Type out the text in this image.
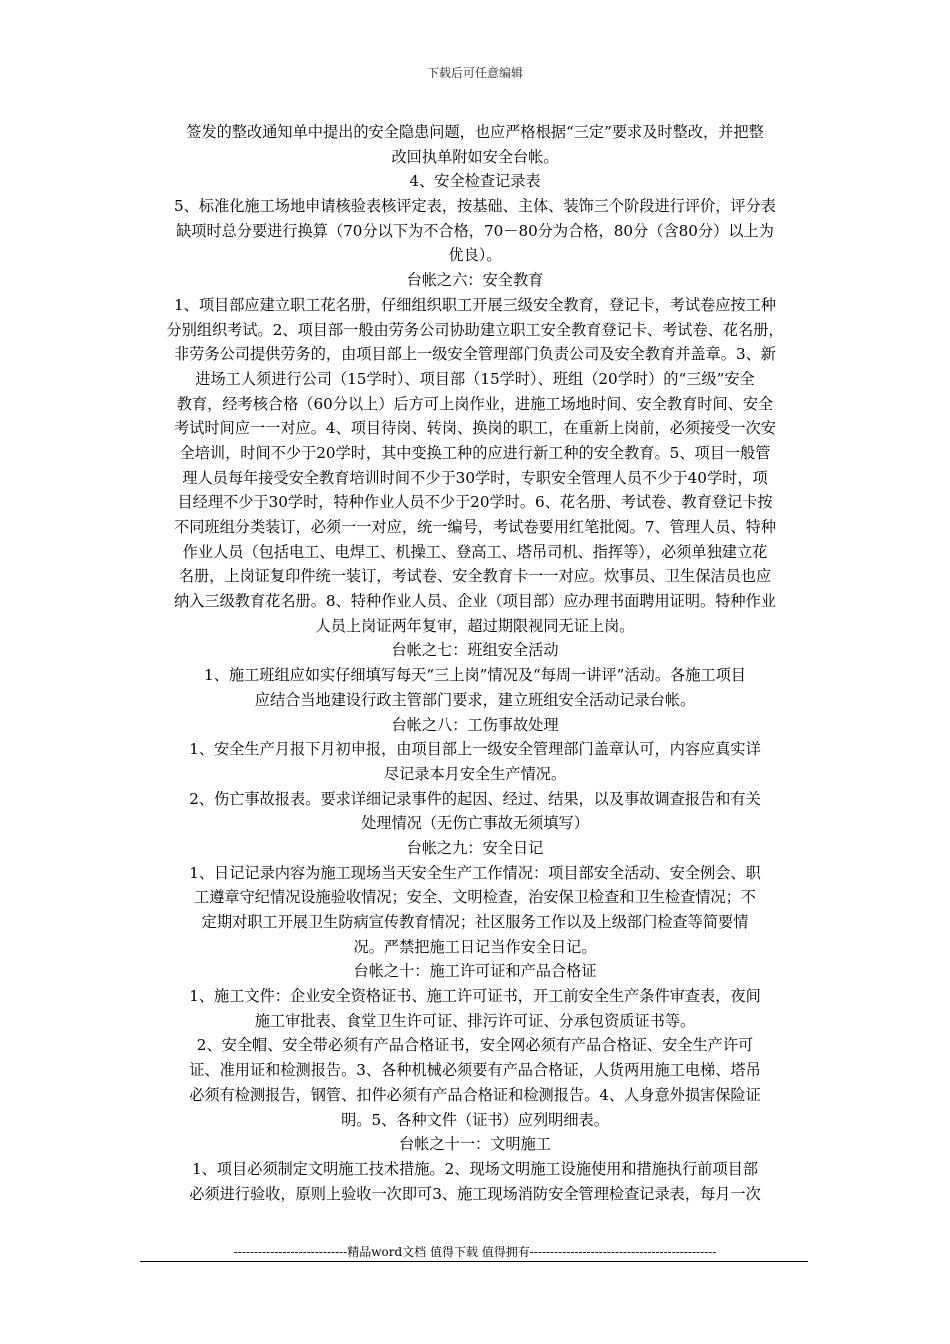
下载后可任意编辑
签发的整改通知单中提出的安全隐患问题，也应严格根据“三定”要求及时整改，并把整
改回执单附如安全台帐。
4、安全检查记录表
5、标准化施工场地申请核验表核评定表，按基础、主体、装饰三个阶段进行评价，评分表
缺项时总分要进行换算（70分以下为不合格，70－80分为合格，80分（含80分）以上为
优良）。
台帐之六：安全教育
1、项目部应建立职工花名册，仔细组织职工开展三级安全教育，登记卡，考试卷应按工种
分别组织考试。2、项目部一般由劳务公司协助建立职工安全教育登记卡、考试卷、花名册，
非劳务公司提供劳务的，由项目部上一级安全管理部门负责公司及安全教育并盖章。3、新
进场工人须进行公司（15学时）、项目部（15学时）、班组（20学时）的“三级”安全
教育，经考核合格（60分以上）后方可上岗作业，进施工场地时间、安全教育时间、安全
考试时间应一一对应。4、项目待岗、转岗、换岗的职工，在重新上岗前，必须接受一次安
全培训，时间不少于20学时，其中变换工种的应进行新工种的安全教育。5、项目一般管
理人员每年接受安全教育培训时间不少于30学时，专职安全管理人员不少于40学时，项
目经理不少于30学时，特种作业人员不少于20学时。6、花名册、考试卷、教育登记卡按
不同班组分类装订，必须一一对应，统一编号，考试卷要用红笔批阅。7、管理人员、特种
作业人员（包括电工、电焊工、机操工、登高工、塔吊司机、指挥等），必须单独建立花
名册，上岗证复印件统一装订，考试卷、安全教育卡一一对应。炊事员、卫生保洁员也应
纳入三级教育花名册。8、特种作业人员、企业（项目部）应办理书面聘用证明。特种作业
人员上岗证两年复审，超过期限视同无证上岗。
台帐之七：班组安全活动
1、施工班组应如实仔细填写每天“三上岗”情况及“每周一讲评”活动。各施工项目
应结合当地建设行政主管部门要求，建立班组安全活动记录台帐。
台帐之八：工伤事故处理
1、安全生产月报下月初申报，由项目部上一级安全管理部门盖章认可，内容应真实详
尽记录本月安全生产情况。
2、伤亡事故报表。要求详细记录事件的起因、经过、结果，以及事故调查报告和有关
处理情况（无伤亡事故无须填写）
台帐之九：安全日记
1、日记记录内容为施工现场当天安全生产工作情况：项目部安全活动、安全例会、职
工遵章守纪情况设施验收情况；安全、文明检查，治安保卫检查和卫生检查情况；不
定期对职工开展卫生防病宣传教育情况；社区服务工作以及上级部门检查等简要情
况。严禁把施工日记当作安全日记。
台帐之十：施工许可证和产品合格证
1、施工文件：企业安全资格证书、施工许可证书，开工前安全生产条件审查表，夜间
施工审批表、食堂卫生许可证、排污许可证、分承包资质证书等。
2、安全帽、安全带必须有产品合格证书，安全网必须有产品合格证、安全生产许可
证、准用证和检测报告。3、各种机械必须要有产品合格证，人货两用施工电梯、塔吊
必须有检测报告，钢管、扣件必须有产品合格证和检测报告。4、人身意外损害保险证
明。5、各种文件（证书）应列明细表。
台帐之十一：文明施工
1、项目必须制定文明施工技术措施。2、现场文明施工设施使用和措施执行前项目部
必须进行验收，原则上验收一次即可3、施工现场消防安全管理检查记录表，每月一次
----------------------------精品word文档 值得下载 值得拥有----------------------------------------------
